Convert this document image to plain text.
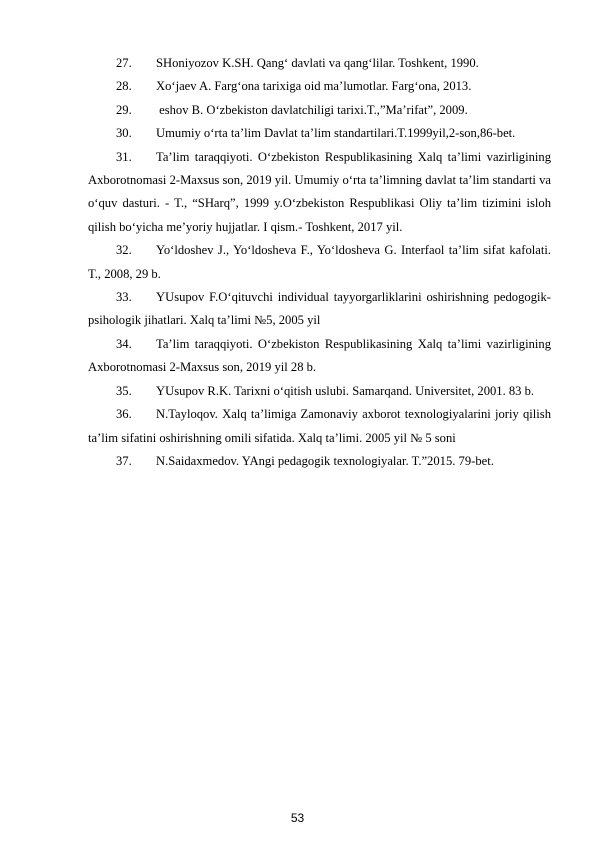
27. SHoniyozov K.SH. Qang‘ davlati va qang‘lilar. Toshkent, 1990.

28. Xo‘jaev A. Farg‘ona tarixiga oid ma’lumotlar. Farg‘ona, 2013.

29. eshov B. O‘zbekiston davlatchiligi tarixi.T.,”Ma’rifat”, 2009.

30. Umumiy o‘rta ta’lim Davlat ta’lim standartilari.T.1999yil,2-son,86-bet.

31. Ta’lim taraqqiyoti. O‘zbekiston Respublikasining Xalq ta’limi vazirligining Axborotnomasi 2-Maxsus son, 2019 yil. Umumiy o‘rta ta’limning davlat ta’lim standarti va o‘quv dasturi. - T., “SHarq”, 1999 y.O‘zbekiston Respublikasi Oliy ta’lim tizimini isloh qilish bo‘yicha me’yoriy hujjatlar. I qism.- Toshkent, 2017 yil.

32. Yo‘ldoshev J., Yo‘ldosheva F., Yo‘ldosheva G. Interfaol ta’lim sifat kafolati. T., 2008, 29 b.

33. YUsupov F.O‘qituvchi individual tayyorgarliklarini oshirishning pedogogik-psihologik jihatlari. Xalq ta’limi №5, 2005 yil

34. Ta’lim taraqqiyoti. O‘zbekiston Respublikasining Xalq ta’limi vazirligining Axborotnomasi 2-Maxsus son, 2019 yil 28 b.

35. YUsupov R.K. Tarixni o‘qitish uslubi. Samarqand. Universitet, 2001. 83 b.

36. N.Tayloqov. Xalq ta’limiga Zamonaviy axborot texnologiyalarini joriy qilish ta’lim sifatini oshirishning omili sifatida. Xalq ta’limi. 2005 yil № 5 soni

37. N.Saidaxmedov. YAngi pedagogik texnologiyalar. T.”2015. 79-bet.

53
